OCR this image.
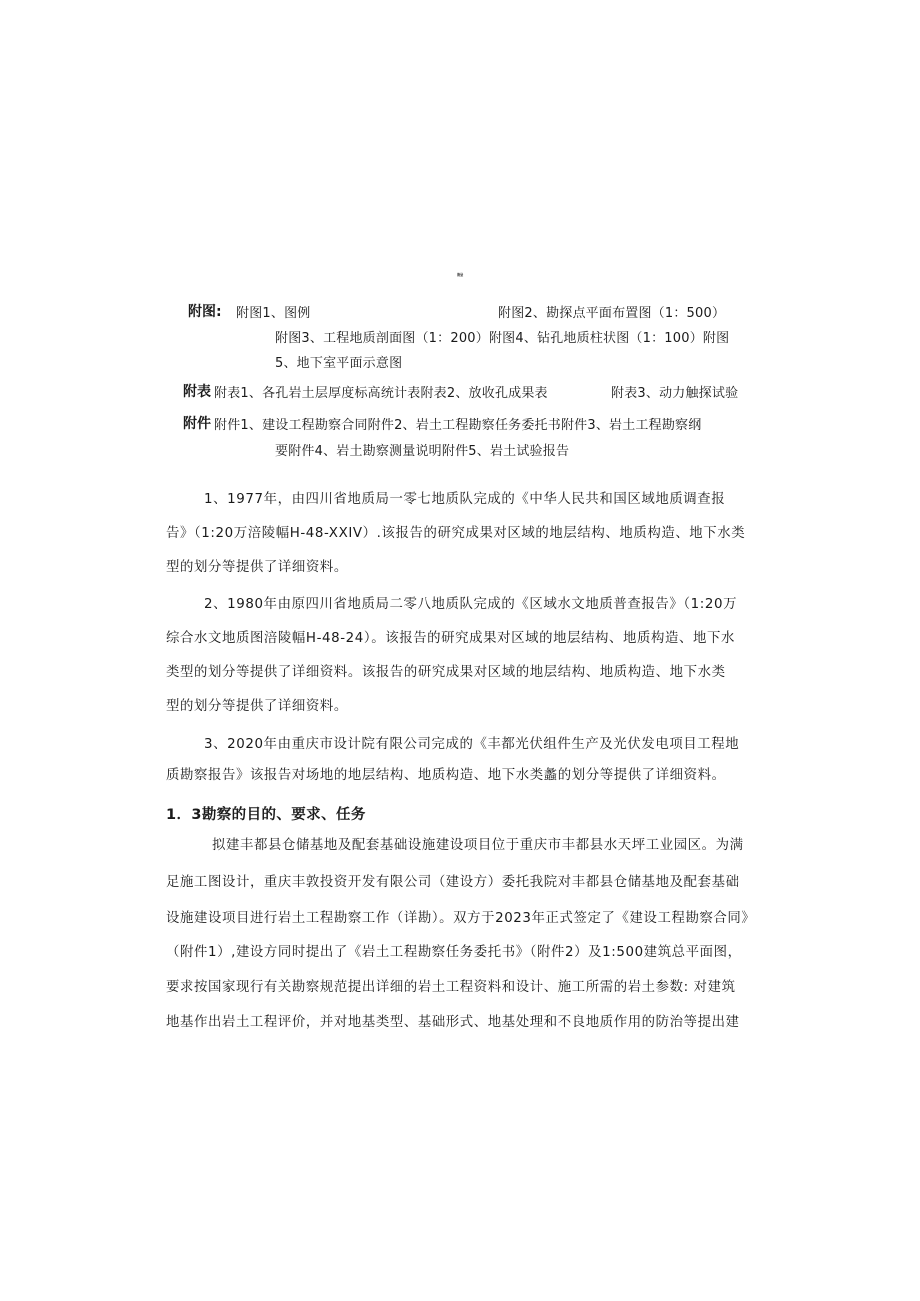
附录
附图: 附图1、图例	附图2、勘探点平面布置图（1：500）
附图3、工程地质剖面图（1：200）附图4、钻孔地质柱状图（1：100）附图
5、地下室平面示意图
附表 附表1、各孔岩土层厚度标高统计表附表2、放收孔成果表	附表3、动力触探试验
附件 附件1、建设工程勘察合同附件2、岩土工程勘察任务委托书附件3、岩土工程勘察纲
要附件4、岩土勘察测量说明附件5、岩土试验报告
1、1977年，由四川省地质局一零七地质队完成的《中华人民共和国区域地质调查报
告》（1:20万涪陵幅H-48-XXIV）.该报告的研究成果对区域的地层结构、地质构造、地下水类
型的划分等提供了详细资料。
2、1980年由原四川省地质局二零八地质队完成的《区域水文地质普查报告》（1:20万
综合水文地质图涪陵幅H-48-24）。该报告的研究成果对区域的地层结构、地质构造、地下水
类型的划分等提供了详细资料。该报告的研究成果对区域的地层结构、地质构造、地下水类
型的划分等提供了详细资料。
3、2020年由重庆市设计院有限公司完成的《丰都光伏组件生产及光伏发电项目工程地
质勘察报告》该报告对场地的地层结构、地质构造、地下水类蠡的划分等提供了详细资料。
1．3勘察的目的、要求、任务
拟建丰都县仓储基地及配套基础设施建设项目位于重庆市丰都县水天坪工业园区。为满
足施工图设计，重庆丰敦投资开发有限公司（建设方）委托我院对丰都县仓储基地及配套基础
设施建设项目进行岩土工程勘察工作（详勘）。双方于2023年正式签定了《建设工程勘察合同》
（附件1）,建设方同时提出了《岩土工程勘察任务委托书》（附件2）及1:500建筑总平面图，
要求按国家现行有关勘察规范提出详细的岩土工程资料和设计、施工所需的岩土参数: 对建筑
地基作出岩土工程评价，并对地基类型、基础形式、地基处理和不良地质作用的防治等提出建
